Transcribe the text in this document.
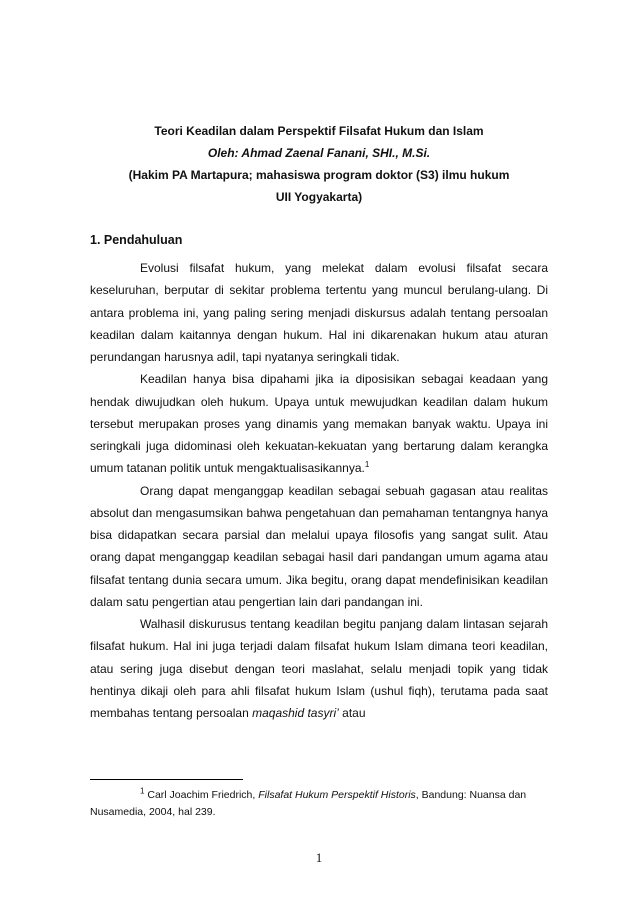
Teori Keadilan dalam Perspektif Filsafat Hukum dan Islam
Oleh: Ahmad Zaenal Fanani, SHI., M.Si.
(Hakim PA Martapura; mahasiswa program doktor (S3) ilmu hukum
UII Yogyakarta)
1. Pendahuluan

Evolusi filsafat hukum, yang melekat dalam evolusi filsafat secara keseluruhan, berputar di sekitar problema tertentu yang muncul berulang-ulang. Di antara problema ini, yang paling sering menjadi diskursus adalah tentang persoalan keadilan dalam kaitannya dengan hukum. Hal ini dikarenakan hukum atau aturan perundangan harusnya adil, tapi nyatanya seringkali tidak.

Keadilan hanya bisa dipahami jika ia diposisikan sebagai keadaan yang hendak diwujudkan oleh hukum. Upaya untuk mewujudkan keadilan dalam hukum tersebut merupakan proses yang dinamis yang memakan banyak waktu. Upaya ini seringkali juga didominasi oleh kekuatan-kekuatan yang bertarung dalam kerangka umum tatanan politik untuk mengaktualisasikannya.$^1$

Orang dapat menganggap keadilan sebagai sebuah gagasan atau realitas absolut dan mengasumsikan bahwa pengetahuan dan pemahaman tentangnya hanya bisa didapatkan secara parsial dan melalui upaya filosofis yang sangat sulit. Atau orang dapat menganggap keadilan sebagai hasil dari pandangan umum agama atau filsafat tentang dunia secara umum. Jika begitu, orang dapat mendefinisikan keadilan dalam satu pengertian atau pengertian lain dari pandangan ini.

Walhasil diskurusus tentang keadilan begitu panjang dalam lintasan sejarah filsafat hukum. Hal ini juga terjadi dalam filsafat hukum Islam dimana teori keadilan, atau sering juga disebut dengan teori maslahat, selalu menjadi topik yang tidak hentinya dikaji oleh para ahli filsafat hukum Islam (ushul fiqh), terutama pada saat membahas tentang persoalan maqashid tasyri’ atau

$^1$ Carl Joachim Friedrich, Filsafat Hukum Perspektif Historis, Bandung: Nuansa dan Nusamedia, 2004, hal 239.
1
